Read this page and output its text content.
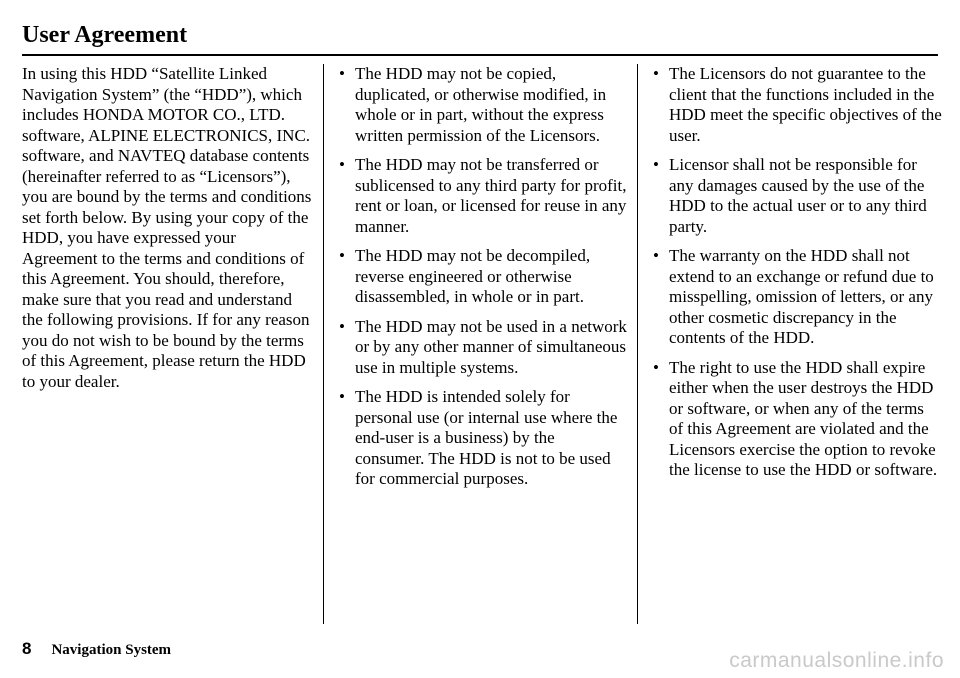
User Agreement

In using this HDD “Satellite Linked Navigation System” (the “HDD”), which includes HONDA MOTOR CO., LTD. software, ALPINE ELECTRONICS, INC. software, and NAVTEQ database contents (hereinafter referred to as “Licensors”), you are bound by the terms and conditions set forth below. By using your copy of the HDD, you have expressed your Agreement to the terms and conditions of this Agreement. You should, therefore, make sure that you read and understand the following provisions. If for any reason you do not wish to be bound by the terms of this Agreement, please return the HDD to your dealer.

• The HDD may not be copied, duplicated, or otherwise modified, in whole or in part, without the express written permission of the Licensors.
• The HDD may not be transferred or sublicensed to any third party for profit, rent or loan, or licensed for reuse in any manner.
• The HDD may not be decompiled, reverse engineered or otherwise disassembled, in whole or in part.
• The HDD may not be used in a network or by any other manner of simultaneous use in multiple systems.
• The HDD is intended solely for personal use (or internal use where the end-user is a business) by the consumer. The HDD is not to be used for commercial purposes.
• The Licensors do not guarantee to the client that the functions included in the HDD meet the specific objectives of the user.
• Licensor shall not be responsible for any damages caused by the use of the HDD to the actual user or to any third party.
• The warranty on the HDD shall not extend to an exchange or refund due to misspelling, omission of letters, or any other cosmetic discrepancy in the contents of the HDD.
• The right to use the HDD shall expire either when the user destroys the HDD or software, or when any of the terms of this Agreement are violated and the Licensors exercise the option to revoke the license to use the HDD or software.
8 Navigation System	carmanualsonline.info
